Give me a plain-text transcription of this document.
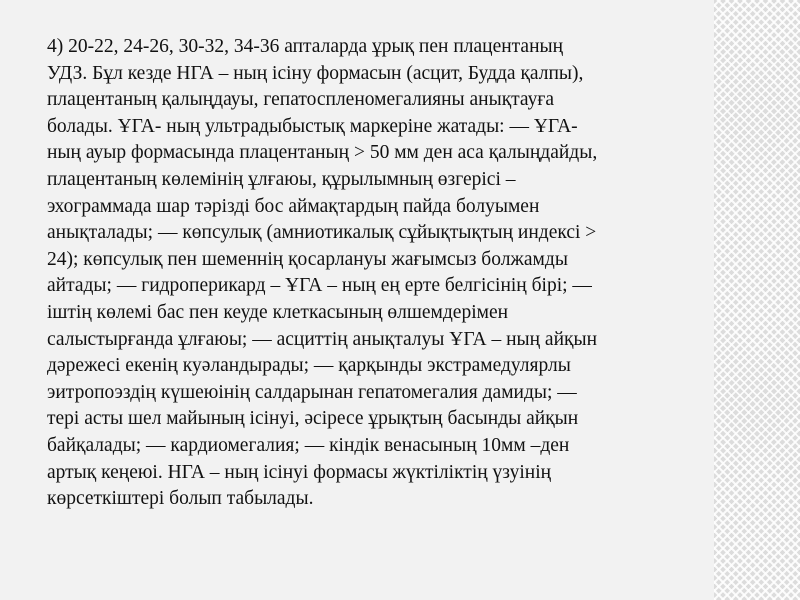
4) 20-22, 24-26, 30-32, 34-36 апталарда ұрық пен плацентаның
УДЗ. Бұл кезде НГА – ның ісіну формасын (асцит, Будда қалпы),
плацентаның қалыңдауы, гепатоспленомегалияны анықтауға
болады. ҰГА- ның ультрадыбыстық маркеріне жатады: — ҰГА-
ның ауыр формасында плацентаның > 50 мм ден аса қалыңдайды,
плацентаның көлемінің ұлғаюы, құрылымның өзгерісі –
эхограммада шар тәрізді бос аймақтардың пайда болуымен
анықталады; — көпсулық (амниотикалық сұйықтықтың индексі >
24); көпсулық пен шеменнің қосарлануы жағымсыз болжамды
айтады; — гидроперикард – ҰГА – ның ең ерте белгісінің бірі; —
іштің көлемі бас пен кеуде клеткасының өлшемдерімен
салыстырғанда ұлғаюы; — асциттің анықталуы ҰГА – ның айқын
дәрежесі екенің куәландырады; — қарқынды экстрамедулярлы
эитропоэздің күшеюінің салдарынан гепатомегалия дамиды; —
тері асты шел майының ісінуі, әсіресе ұрықтың басынды айқын
байқалады; — кардиомегалия; — кіндік венасының 10мм –ден
артық кеңеюі. НГА – ның ісінуі формасы жүктіліктің үзуінің
көрсеткіштері болып табылады.
